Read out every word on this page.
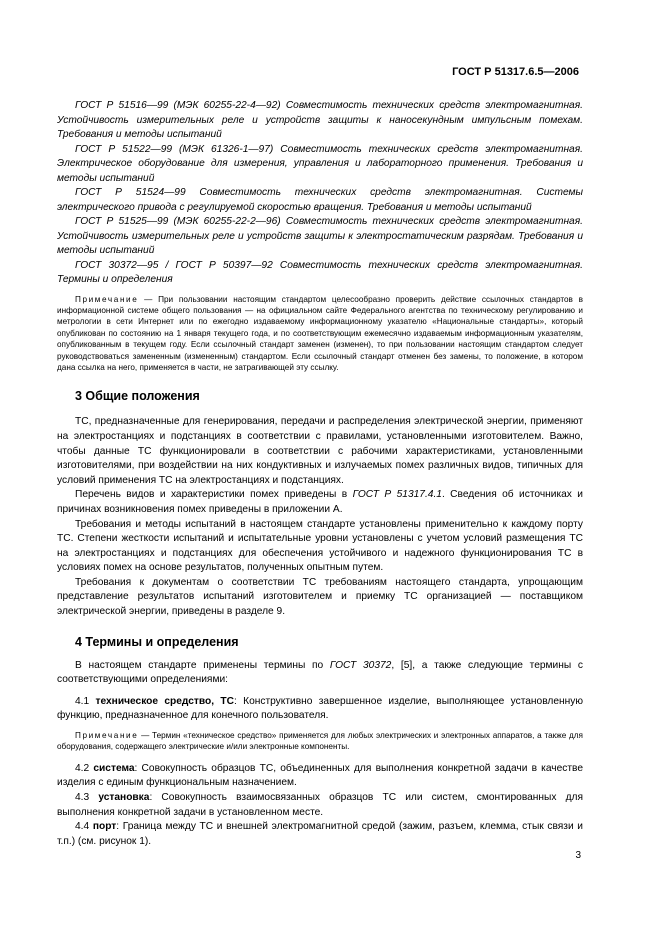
ГОСТ Р 51317.6.5—2006

ГОСТ Р 51516—99 (МЭК 60255-22-4—92) Совместимость технических средств электромагнитная. Устойчивость измерительных реле и устройств защиты к наносекундным импульсным помехам. Требования и методы испытаний

ГОСТ Р 51522—99 (МЭК 61326-1—97) Совместимость технических средств электромагнитная. Электрическое оборудование для измерения, управления и лабораторного применения. Требования и методы испытаний

ГОСТ Р 51524—99 Совместимость технических средств электромагнитная. Системы электрического привода с регулируемой скоростью вращения. Требования и методы испытаний

ГОСТ Р 51525—99 (МЭК 60255-22-2—96) Совместимость технических средств электромагнитная. Устойчивость измерительных реле и устройств защиты к электростатическим разрядам. Требования и методы испытаний

ГОСТ 30372—95 / ГОСТ Р 50397—92 Совместимость технических средств электромагнитная. Термины и определения

Примечание — При пользовании настоящим стандартом целесообразно проверить действие ссылочных стандартов в информационной системе общего пользования — на официальном сайте Федерального агентства по техническому регулированию и метрологии в сети Интернет или по ежегодно издаваемому информационному указателю «Национальные стандарты», который опубликован по состоянию на 1 января текущего года, и по соответствующим ежемесячно издаваемым информационным указателям, опубликованным в текущем году. Если ссылочный стандарт заменен (изменен), то при пользовании настоящим стандартом следует руководствоваться замененным (измененным) стандартом. Если ссылочный стандарт отменен без замены, то положение, в котором дана ссылка на него, применяется в части, не затрагивающей эту ссылку.

3 Общие положения

ТС, предназначенные для генерирования, передачи и распределения электрической энергии, применяют на электростанциях и подстанциях в соответствии с правилами, установленными изготовителем. Важно, чтобы данные ТС функционировали в соответствии с рабочими характеристиками, установленными изготовителями, при воздействии на них кондуктивных и излучаемых помех различных видов, типичных для условий применения ТС на электростанциях и подстанциях.

Перечень видов и характеристики помех приведены в ГОСТ Р 51317.4.1. Сведения об источниках и причинах возникновения помех приведены в приложении А.

Требования и методы испытаний в настоящем стандарте установлены применительно к каждому порту ТС. Степени жесткости испытаний и испытательные уровни установлены с учетом условий размещения ТС на электростанциях и подстанциях для обеспечения устойчивого и надежного функционирования ТС в условиях помех на основе результатов, полученных опытным путем.

Требования к документам о соответствии ТС требованиям настоящего стандарта, упрощающим представление результатов испытаний изготовителем и приемку ТС организацией — поставщиком электрической энергии, приведены в разделе 9.

4 Термины и определения

В настоящем стандарте применены термины по ГОСТ 30372, [5], а также следующие термины с соответствующими определениями:

4.1 техническое средство, ТС: Конструктивно завершенное изделие, выполняющее установленную функцию, предназначенное для конечного пользователя.

Примечание — Термин «техническое средство» применяется для любых электрических и электронных аппаратов, а также для оборудования, содержащего электрические и/или электронные компоненты.

4.2 система: Совокупность образцов ТС, объединенных для выполнения конкретной задачи в качестве изделия с единым функциональным назначением.

4.3 установка: Совокупность взаимосвязанных образцов ТС или систем, смонтированных для выполнения конкретной задачи в установленном месте.

4.4 порт: Граница между ТС и внешней электромагнитной средой (зажим, разъем, клемма, стык связи и т.п.) (см. рисунок 1).

3
